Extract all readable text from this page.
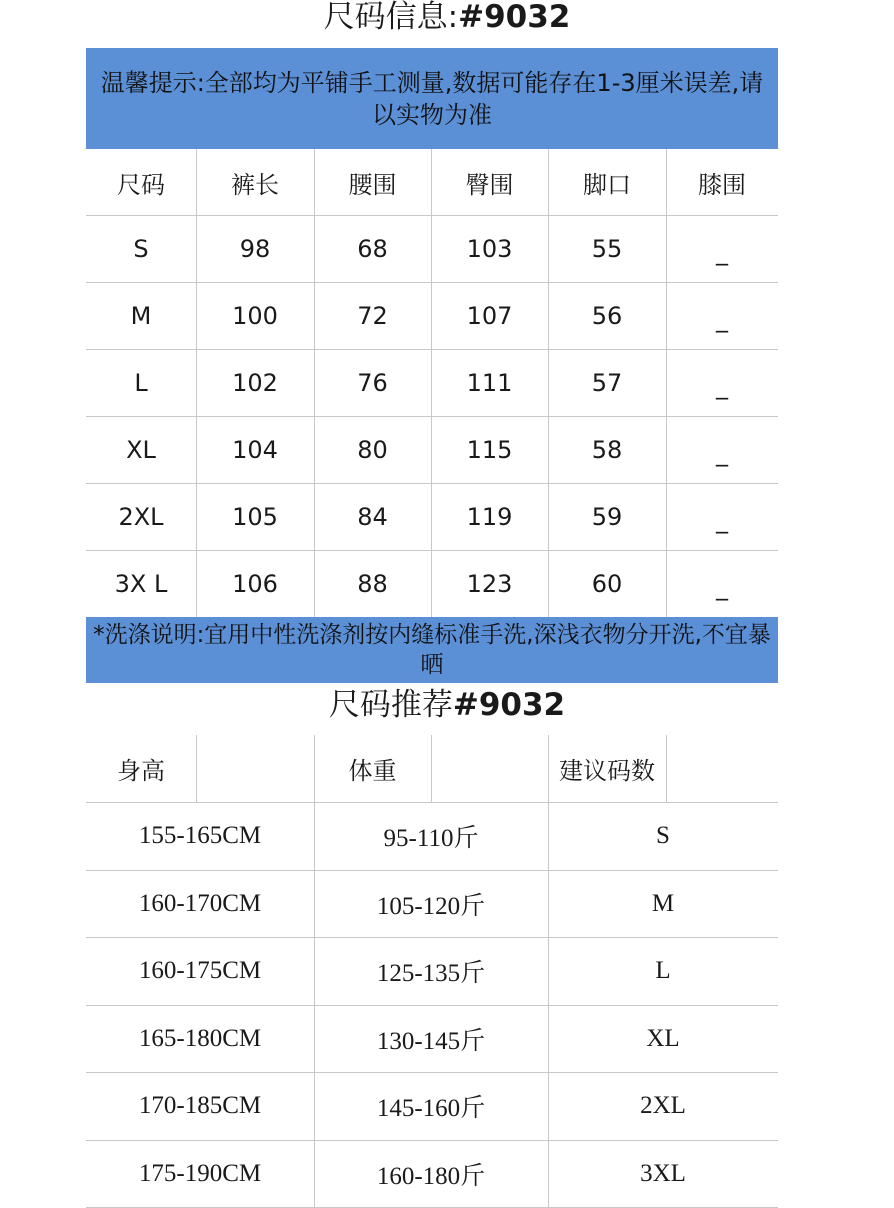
尺码信息:#9032
温馨提示:全部均为平铺手工测量,数据可能存在1-3厘米误差,请以实物为准
尺码	裤长	腰围	臀围	脚口	膝围
S	98	68	103	55	_
M	100	72	107	56	_
L	102	76	111	57	_
XL	104	80	115	58	_
2XL	105	84	119	59	_
3X L	106	88	123	60	_
*洗涤说明:宜用中性洗涤剂按内缝标准手洗,深浅衣物分开洗,不宜暴晒
尺码推荐#9032
身高	体重	建议码数
155-165CM	95-110斤	S
160-170CM	105-120斤	M
160-175CM	125-135斤	L
165-180CM	130-145斤	XL
170-185CM	145-160斤	2XL
175-190CM	160-180斤	3XL
